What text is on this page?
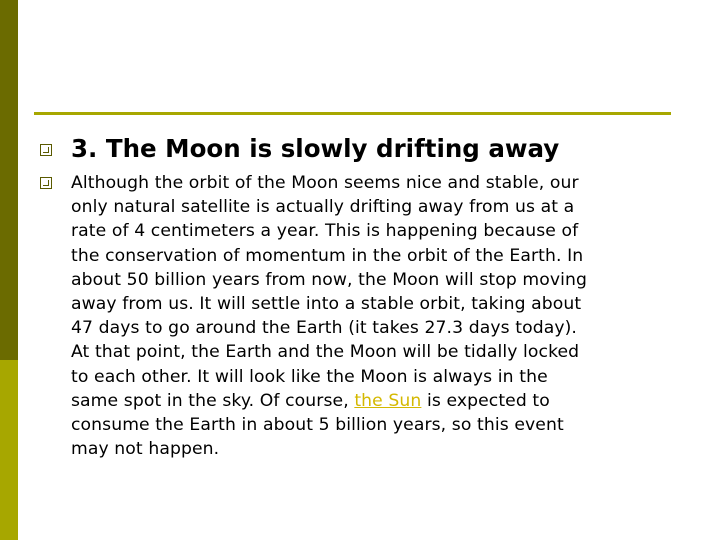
3. The Moon is slowly drifting away
Although the orbit of the Moon seems nice and stable, our
only natural satellite is actually drifting away from us at a
rate of 4 centimeters a year. This is happening because of
the conservation of momentum in the orbit of the Earth. In
about 50 billion years from now, the Moon will stop moving
away from us. It will settle into a stable orbit, taking about
47 days to go around the Earth (it takes 27.3 days today).
At that point, the Earth and the Moon will be tidally locked
to each other. It will look like the Moon is always in the
same spot in the sky. Of course, the Sun is expected to
consume the Earth in about 5 billion years, so this event
may not happen.
